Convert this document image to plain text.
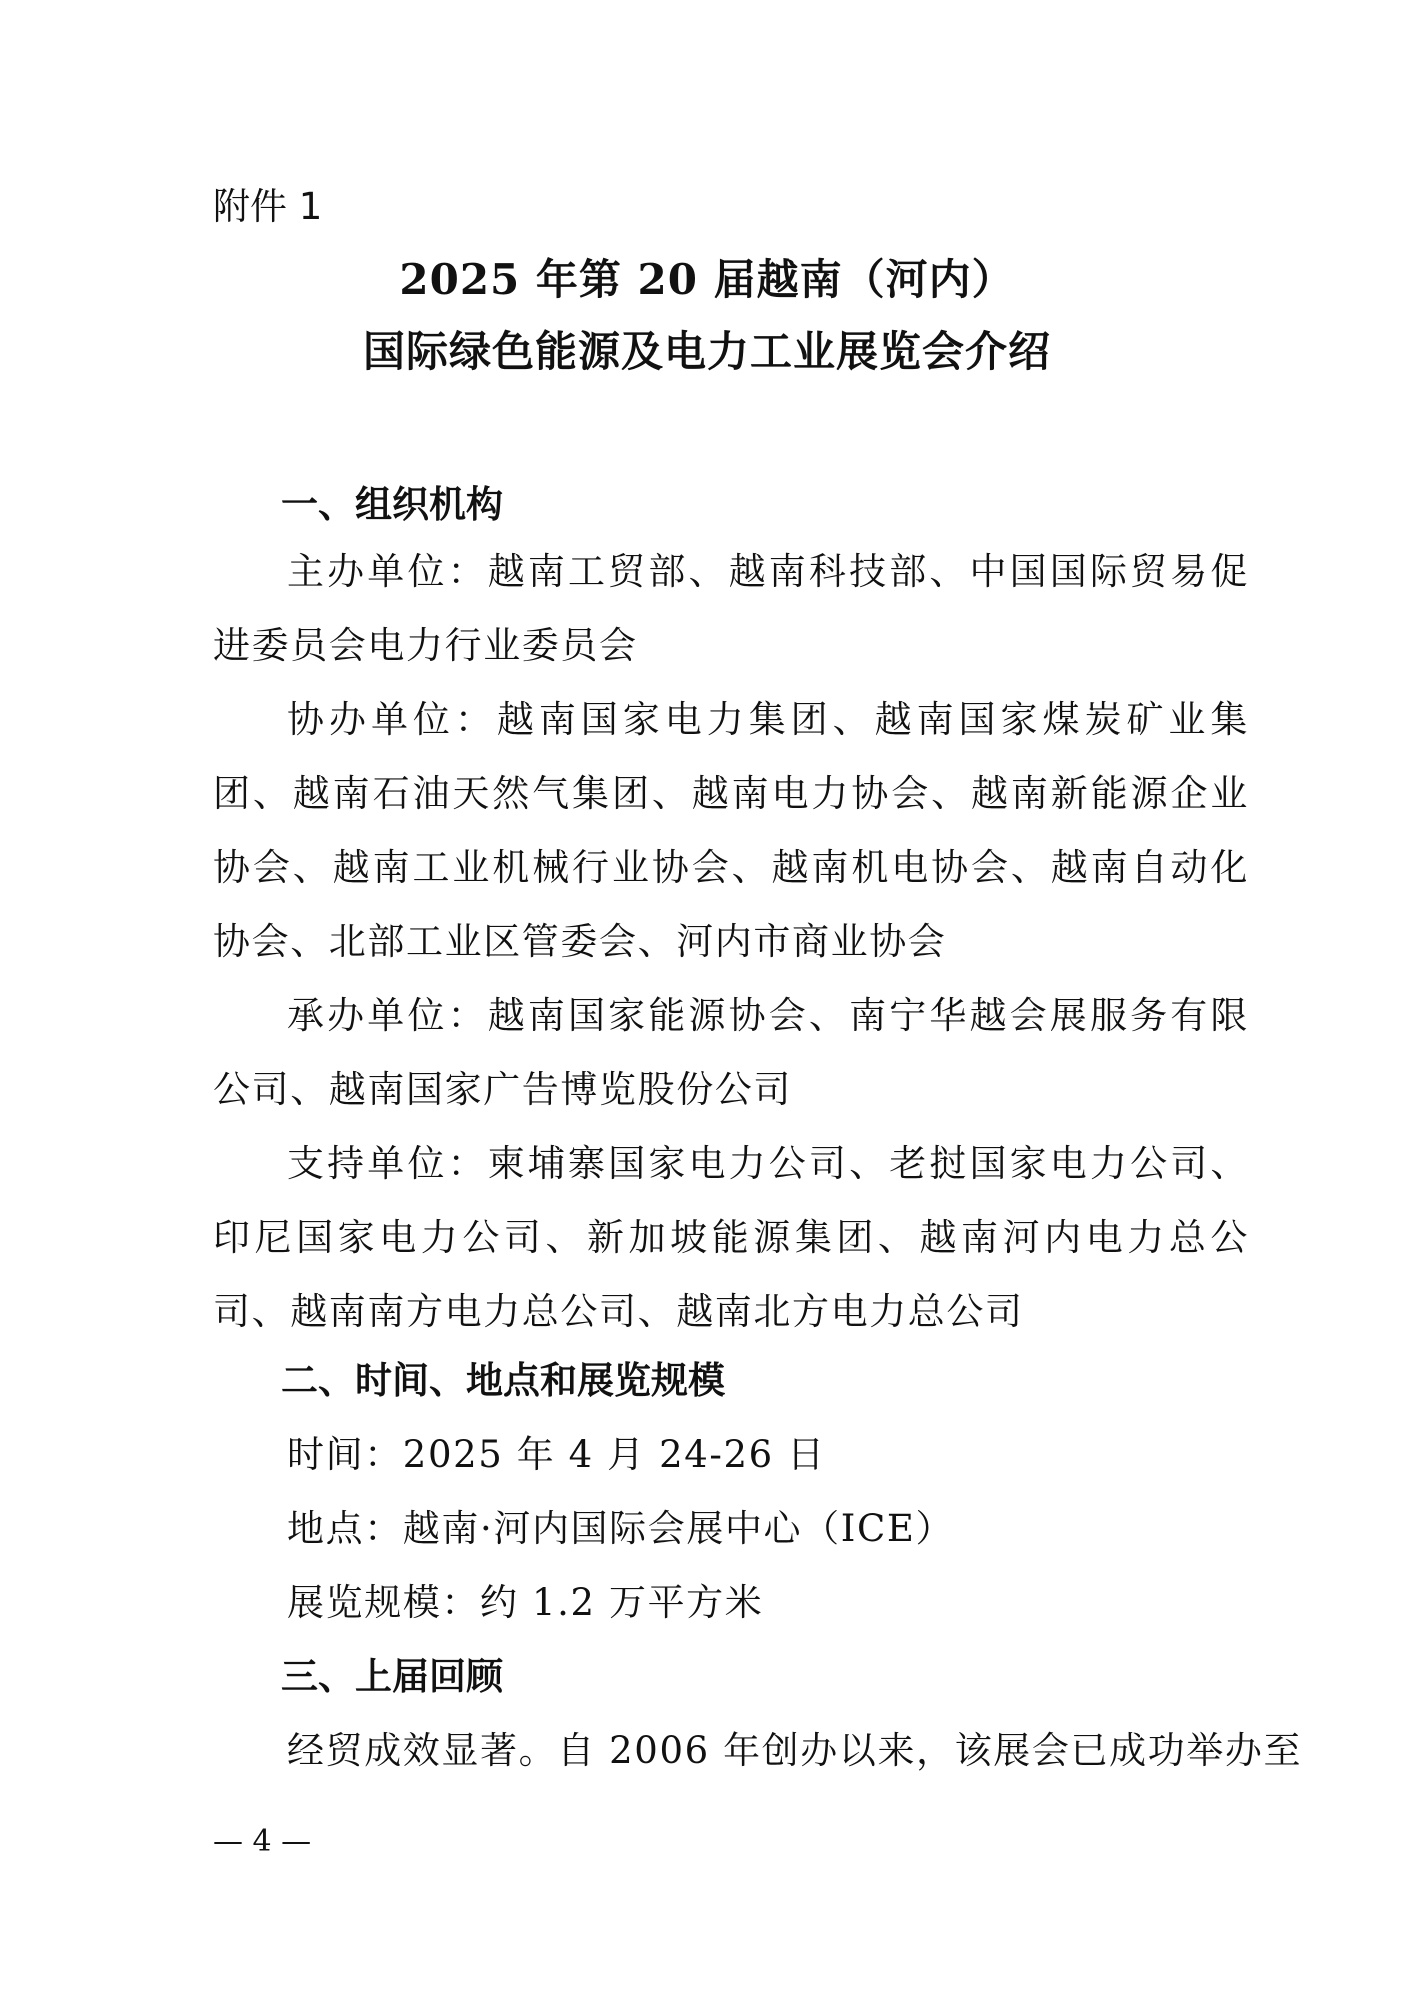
附件 1
2025 年第 20 届越南（河内）
国际绿色能源及电力工业展览会介绍
一、组织机构
主办单位：越南工贸部、越南科技部、中国国际贸易促进委员会电力行业委员会
协办单位：越南国家电力集团、越南国家煤炭矿业集团、越南石油天然气集团、越南电力协会、越南新能源企业协会、越南工业机械行业协会、越南机电协会、越南自动化协会、北部工业区管委会、河内市商业协会
承办单位：越南国家能源协会、南宁华越会展服务有限公司、越南国家广告博览股份公司
支持单位：柬埔寨国家电力公司、老挝国家电力公司、印尼国家电力公司、新加坡能源集团、越南河内电力总公司、越南南方电力总公司、越南北方电力总公司
二、时间、地点和展览规模
时间：2025 年 4 月 24-26 日
地点：越南·河内国际会展中心（ICE）
展览规模：约 1.2 万平方米
三、上届回顾
经贸成效显著。自 2006 年创办以来，该展会已成功举办至
— 4 —
